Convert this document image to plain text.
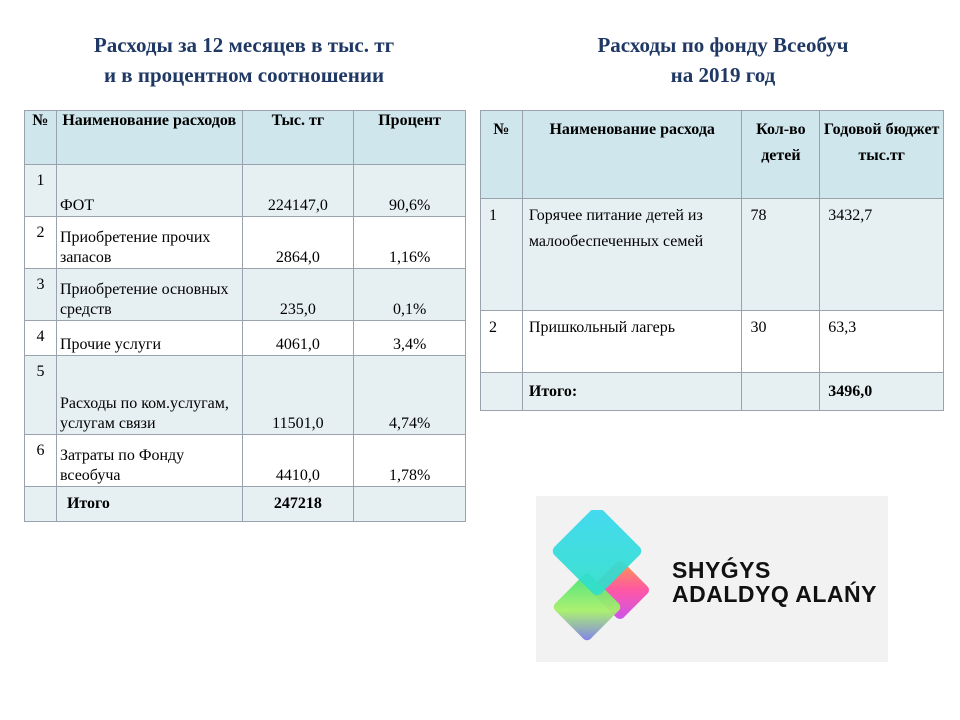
Расходы за 12 месяцев в тыс. тг
и в процентном соотношении
Расходы по фонду Всеобуч
на 2019 год
№	Наименование расходов	Тыс. тг	Процент
1	ФОТ	224147,0	90,6%
2	Приобретение прочих запасов	2864,0	1,16%
3	Приобретение основных средств	235,0	0,1%
4	Прочие услуги	4061,0	3,4%
5	Расходы по ком.услугам, услугам связи	11501,0	4,74%
6	Затраты по Фонду всеобуча	4410,0	1,78%
	Итого	247218	
№	Наименование расхода	Кол-во детей	Годовой бюджет тыс.тг
1	Горячее питание детей из малообеспеченных семей	78	3432,7
2	Пришкольный лагерь	30	63,3
	Итого:		3496,0
SHYǴYS
ADALDYQ ALAŃY
